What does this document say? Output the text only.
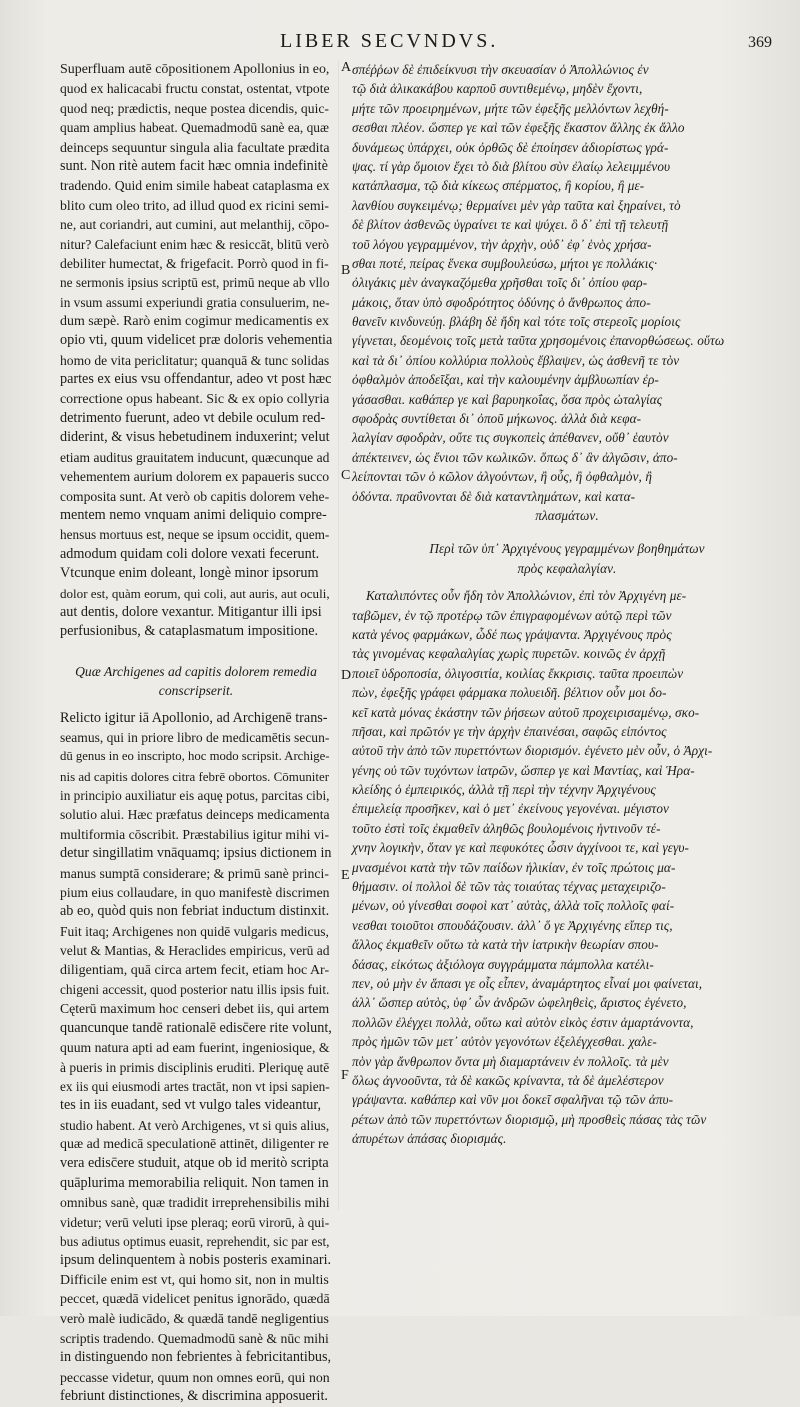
LIBER SECVNDVS.	369
A
B
C
D
E
F
Superfluam autē cōpositionem Apollonius in eo,
quod ex halicacabi fructu constat, ostentat, vtpote
quod neq; prædictis, neque postea dicendis, quic-
quam amplius habeat. Quemadmodū sanè ea, quæ
deinceps sequuntur singula alia facultate prædita
sunt. Non ritè autem facit hæc omnia indefinitè
tradendo. Quid enim simile habeat cataplasma ex
blito cum oleo trito, ad illud quod ex ricini semi-
ne, aut coriandri, aut cumini, aut melanthij, cōpo-
nitur? Calefaciunt enim hæc & resiccāt, blitū verò
debiliter humectat, & frigefacit. Porrò quod in fi-
ne sermonis ipsius scriptū est, primū neque ab vllo
in vsum assumi experiundi gratia consuluerim, ne-
dum sæpè. Rarò enim cogimur medicamentis ex
opio vti, quum videlicet præ doloris vehementia
homo de vita periclitatur; quanquā & tunc solidas
partes ex eius vsu offendantur, adeo vt post hæc
correctione opus habeant. Sic & ex opio collyria
detrimento fuerunt, adeo vt debile oculum red-
diderint, & visus hebetudinem induxerint; velut
etiam auditus grauitatem inducunt, quæcunque ad
vehementem aurium dolorem ex papaueris succo
composita sunt. At verò ob capitis dolorem vehe-
mentem nemo vnquam animi deliquio compre-
hensus mortuus est, neque se ipsum occidit, quem-
admodum quidam coli dolore vexati fecerunt.
Vtcunque enim doleant, longè minor ipsorum
dolor est, quàm eorum, qui coli, aut auris, aut oculi,
aut dentis, dolore vexantur. Mitigantur illi ipsi
perfusionibus, & cataplasmatum impositione.
Quæ Archigenes ad capitis dolorem remedia
conscripserit.
Relicto igitur iā Apollonio, ad Archigenē trans-
seamus, qui in priore libro de medicamētis secun-
dū genus in eo inscripto, hoc modo scripsit. Archige-
nis ad capitis dolores citra febrē obortos. Cōmuniter
in principio auxiliatur eis aquę potus, parcitas cibi,
solutio alui. Hæc præfatus deinceps medicamenta
multiformia cōscribit. Præstabilius igitur mihi vi-
detur singillatim vnāquamq; ipsius dictionem in
manus sumptā considerare; & primū sanè princi-
pium eius collaudare, in quo manifestè discrimen
ab eo, quòd quis non febriat inductum distinxit.
Fuit itaq; Archigenes non quidē vulgaris medicus,
velut & Mantias, & Heraclides empiricus, verū ad
diligentiam, quā circa artem fecit, etiam hoc Ar-
chigeni accessit, quod posterior natu illis ipsis fuit.
Cęterū maximum hoc censeri debet iis, qui artem
quancunque tandē rationalē edisc̄ere rite volunt,
quum natura apti ad eam fuerint, ingeniosique, &
à pueris in primis disciplinis eruditi. Pleriquę autē
ex iis qui eiusmodi artes tractāt, non vt ipsi sapien-
tes in iis euadant, sed vt vulgo tales videantur,
studio habent. At verò Archigenes, vt si quis alius,
quæ ad medicā speculationē attinēt, diligenter re
vera edisc̄ere studuit, atque ob id meritò scripta
quāplurima memorabilia reliquit. Non tamen in
omnibus sanè, quæ tradidit irreprehensibilis mihi
videtur; verū veluti ipse pleraq; eorū virorū, à qui-
bus adiutus optimus euasit, reprehendit, sic par est,
ipsum delinquentem à nobis posteris examinari.
Difficile enim est vt, qui homo sit, non in multis
peccet, quædā videlicet penitus ignorādo, quædā
verò malè iudicādo, & quædā tandē negligentius
scriptis tradendo. Quemadmodū sanè & nūc mihi
in distinguendo non febrientes à febricitantibus,
peccasse videtur, quum non omnes eorū, qui non
febriunt distinctiones, & discrimina apposuerit.
σπέῤῥων δὲ ἐπιδείκνυσι τὴν σκευασίαν ὁ Ἀπολλώνιος ἐν
τῷ διὰ ἁλικακάβου καρποῦ συντιθεμένῳ, μηδὲν ἔχοντι,
μήτε τῶν προειρημένων, μήτε τῶν ἐφεξῆς μελλόντων λεχθή-
σεσθαι πλέον. ὥσπερ γε καὶ τῶν ἐφεξῆς ἕκαστον ἄλλης ἐκ ἄλλο
δυνάμεως ὑπάρχει, οὐκ ὀρθῶς δὲ ἐποίησεν ἀδιορίστως γρά-
ψας. τί γὰρ ὅμοιον ἔχει τὸ διὰ βλίτου σὺν ἐλαίῳ λελειμμένου
κατάπλασμα, τῷ διὰ κίκεως σπέρματος, ἢ κορίου, ἢ με-
λανθίου συγκειμένῳ; θερμαίνει μὲν γὰρ ταῦτα καὶ ξηραίνει, τὸ
δὲ βλίτον ἀσθενῶς ὑγραίνει τε καὶ ψύχει. ὃ δ᾽ ἐπὶ τῇ τελευτῇ
τοῦ λόγου γεγραμμένον, τὴν ἀρχὴν, οὐδ᾽ ἐφ᾽ ἑνὸς χρήσα-
σθαι ποτέ, πείρας ἕνεκα συμβουλεύσω, μήτοι γε πολλάκις·
ὀλιγάκις μὲν ἀναγκαζόμεθα χρῆσθαι τοῖς δι᾽ ὀπίου φαρ-
μάκοις, ὅταν ὑπὸ σφοδρότητος ὀδύνης ὁ ἄνθρωπος ἀπο-
θανεῖν κινδυνεύῃ. βλάβη δὲ ἤδη καὶ τότε τοῖς στερεοῖς μορίοις
γίγνεται, δεομένοις τοῖς μετὰ ταῦτα χρησομένοις ἐπανορθώσεως. οὕτω
καὶ τὰ δι᾽ ὀπίου κολλύρια πολλοὺς ἔβλαψεν, ὡς ἀσθενῆ τε τὸν
ὀφθαλμὸν ἀποδεῖξαι, καὶ τὴν καλουμένην ἀμβλυωπίαν ἐρ-
γάσασθαι. καθάπερ γε καὶ βαρυηκοΐας, ὅσα πρὸς ὠταλγίας
σφοδρὰς συντίθεται δι᾽ ὀποῦ μήκωνος. ἀλλὰ διὰ κεφα-
λαλγίαν σφοδρὰν, οὔτε τις συγκοπεὶς ἀπέθανεν, οὔθ᾽ ἑαυτὸν
ἀπέκτεινεν, ὡς ἔνιοι τῶν κωλικῶν. ὅπως δ᾽ ἂν ἀλγῶσιν, ἀπο-
λείπονται τῶν ὁ κῶλον ἀλγούντων, ἢ οὖς, ἢ ὀφθαλμὸν, ἢ
ὀδόντα. πραΰνονται δὲ διὰ καταντλημάτων, καὶ κατα-
πλασμάτων.
Περὶ τῶν ὑπ᾽ Ἀρχιγένους γεγραμμένων βοηθημάτων
πρὸς κεφαλαλγίαν.
Καταλιπόντες οὖν ἤδη τὸν Ἀπολλώνιον, ἐπὶ τὸν Ἀρχιγένη με-
ταβῶμεν, ἐν τῷ προτέρῳ τῶν ἐπιγραφομένων αὐτῷ περὶ τῶν
κατὰ γένος φαρμάκων, ὧδέ πως γράψαντα. Ἀρχιγένους πρὸς
τὰς γινομένας κεφαλαλγίας χωρὶς πυρετῶν. κοινῶς ἐν ἀρχῇ
ποιεῖ ὑδροποσία, ὀλιγοσιτία, κοιλίας ἔκκρισις. ταῦτα προειπὼν
πὼν, ἐφεξῆς γράφει φάρμακα πολυειδῆ. βέλτιον οὖν μοι δο-
κεῖ κατὰ μόνας ἑκάστην τῶν ῥήσεων αὐτοῦ προχειρισαμένῳ, σκο-
πῆσαι, καὶ πρῶτόν γε τὴν ἀρχὴν ἐπαινέσαι, σαφῶς εἰπόντος
αὐτοῦ τὴν ἀπὸ τῶν πυρεττόντων διορισμόν. ἐγένετο μὲν οὖν, ὁ Ἀρχι-
γένης οὐ τῶν τυχόντων ἰατρῶν, ὥσπερ γε καὶ Μαντίας, καὶ Ἡρα-
κλείδης ὁ ἐμπειρικός, ἀλλὰ τῇ περὶ τὴν τέχνην Ἀρχιγένους
ἐπιμελείᾳ προσῆκεν, καὶ ὁ μετ᾽ ἐκείνους γεγονέναι. μέγιστον
τοῦτο ἐστὶ τοῖς ἐκμαθεῖν ἀληθῶς βουλομένοις ἡντινοῦν τέ-
χνην λογικὴν, ὅταν γε καὶ πεφυκότες ὦσιν ἀγχίνοοι τε, καὶ γεγυ-
μνασμένοι κατὰ τὴν τῶν παίδων ἡλικίαν, ἐν τοῖς πρώτοις μα-
θήμασιν. οἱ πολλοὶ δὲ τῶν τὰς τοιαύτας τέχνας μεταχειριζο-
μένων, οὐ γίνεσθαι σοφοὶ κατ᾽ αὐτὰς, ἀλλὰ τοῖς πολλοῖς φαί-
νεσθαι τοιοῦτοι σπουδάζουσιν. ἀλλ᾽ ὅ γε Ἀρχιγένης εἴπερ τις,
ἄλλος ἐκμαθεῖν οὕτω τὰ κατὰ τὴν ἰατρικὴν θεωρίαν σπου-
δάσας, εἰκότως ἀξιόλογα συγγράμματα πάμπολλα κατέλι-
πεν, οὐ μὴν ἐν ἅπασι γε οἷς εἶπεν, ἀναμάρτητος εἶναί μοι φαίνεται,
ἀλλ᾽ ὥσπερ αὐτὸς, ὑφ᾽ ὧν ἀνδρῶν ὠφεληθεὶς, ἄριστος ἐγένετο,
πολλῶν ἐλέγχει πολλὰ, οὕτω καὶ αὐτὸν εἰκὸς ἐστιν ἁμαρτάνοντα,
πρὸς ἡμῶν τῶν μετ᾽ αὐτὸν γεγονότων ἐξελέγχεσθαι. χαλε-
πὸν γὰρ ἄνθρωπον ὄντα μὴ διαμαρτάνειν ἐν πολλοῖς. τὰ μὲν
ὅλως ἀγνοοῦντα, τὰ δὲ κακῶς κρίναντα, τὰ δὲ ἀμελέστερον
γράψαντα. καθάπερ καὶ νῦν μοι δοκεῖ σφαλῆναι τῷ τῶν ἀπυ-
ρέτων ἀπὸ τῶν πυρεττόντων διορισμῷ, μὴ προσθεὶς πάσας τὰς τῶν
ἀπυρέτων ἀπάσας διορισμάς.
